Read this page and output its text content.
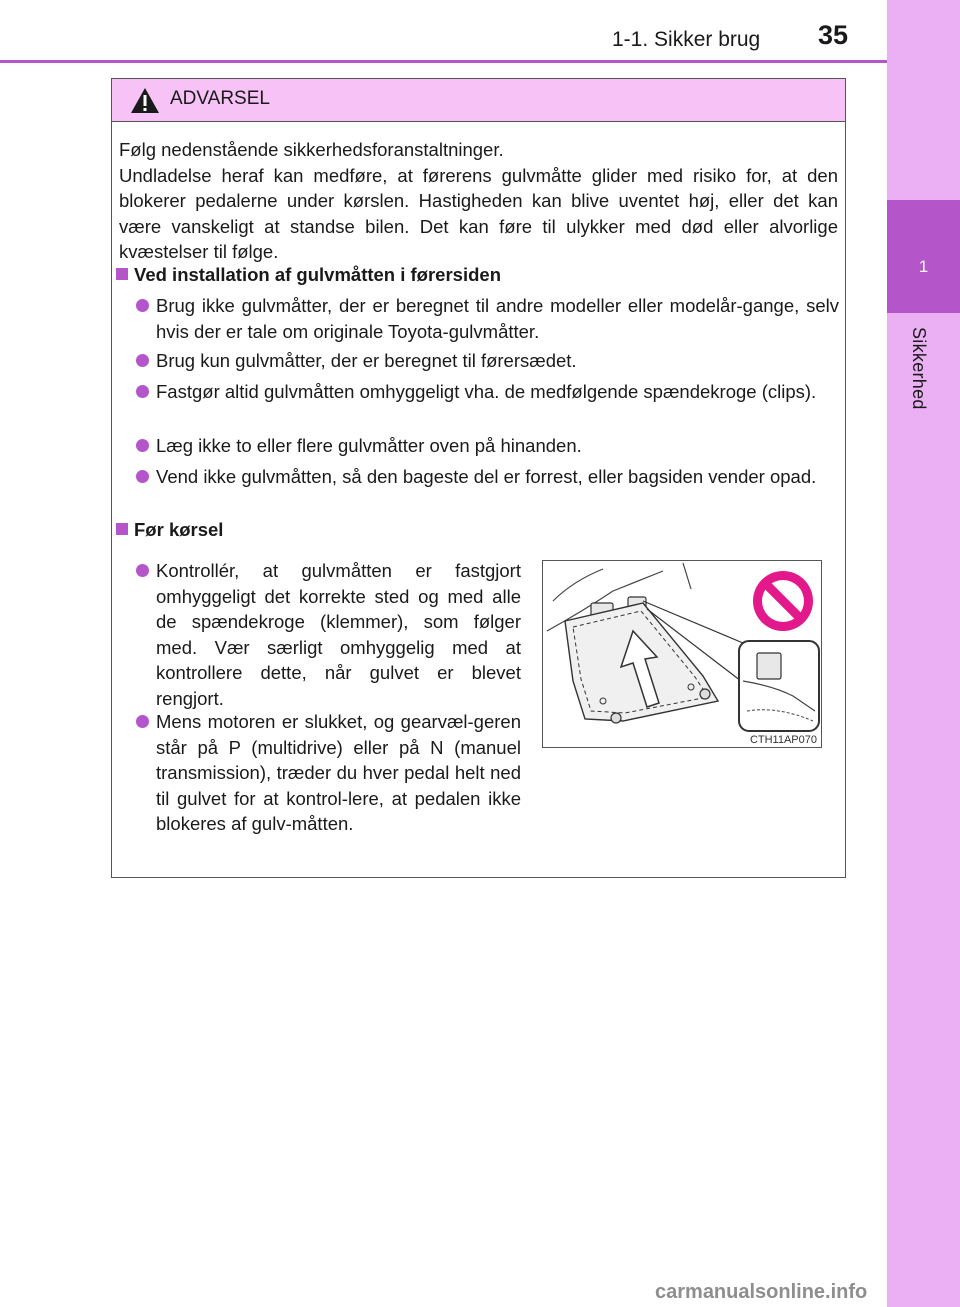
1-1. Sikker brug 35
1
Sikkerhed
ADVARSEL

Følg nedenstående sikkerhedsforanstaltninger.

Undladelse heraf kan medføre, at førerens gulvmåtte glider med risiko for, at den blokerer pedalerne under kørslen. Hastigheden kan blive uventet høj, eller det kan være vanskeligt at standse bilen. Det kan føre til ulykker med død eller alvorlige kvæstelser til følge.

Ved installation af gulvmåtten i førersiden
Brug ikke gulvmåtter, der er beregnet til andre modeller eller modelår-gange, selv hvis der er tale om originale Toyota-gulvmåtter.
Brug kun gulvmåtter, der er beregnet til førersædet.
Fastgør altid gulvmåtten omhyggeligt vha. de medfølgende spændekroge (clips).
Læg ikke to eller flere gulvmåtter oven på hinanden.
Vend ikke gulvmåtten, så den bageste del er forrest, eller bagsiden vender opad.
Før kørsel
Kontrollér, at gulvmåtten er fastgjort omhyggeligt det korrekte sted og med alle de spændekroge (klemmer), som følger med. Vær særligt omhyggelig med at kontrollere dette, når gulvet er blevet rengjort.
Mens motoren er slukket, og gearvæl-geren står på P (multidrive) eller på N (manuel transmission), træder du hver pedal helt ned til gulvet for at kontrol-lere, at pedalen ikke blokeres af gulv-måtten.
CTH11AP070
carmanualsonline.info
